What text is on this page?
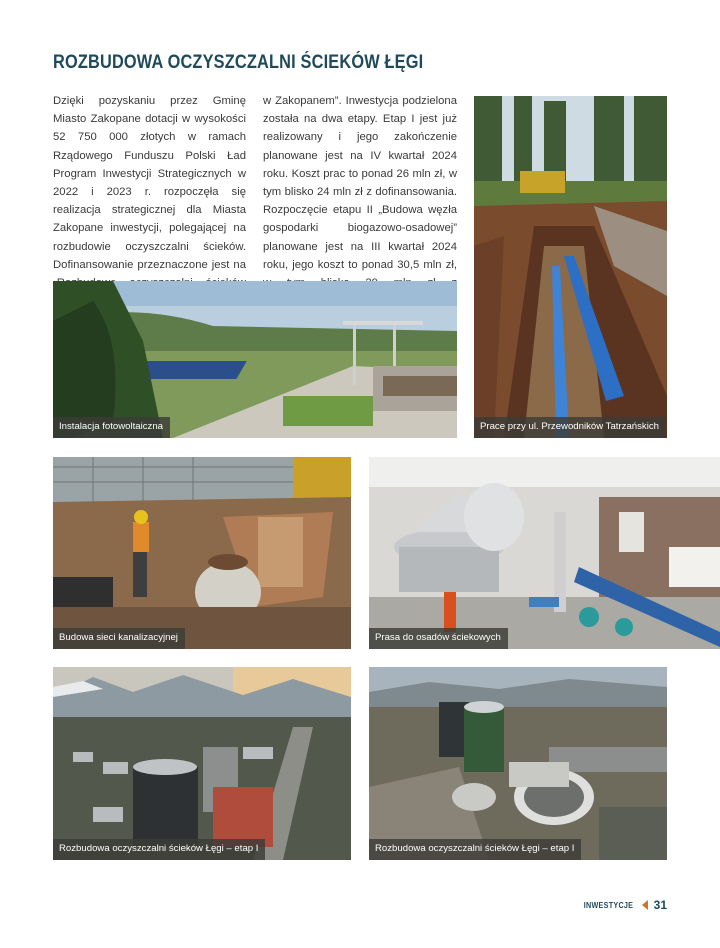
ROZBUDOWA OCZYSZCZALNI ŚCIEKÓW ŁĘGI
Dzięki pozyskaniu przez Gminę Miasto Zakopane dotacji w wysokości 52 750 000 złotych w ramach Rządowego Funduszu Polski Ład Program Inwestycji Strategicznych w 2022 i 2023 r. rozpoczęła się realizacja strategicznej dla Miasta Zakopane inwestycji, polegającej na rozbudowie oczyszczalni ścieków. Dofinansowanie przeznaczone jest na
w Zakopanem”. Inwestycja podzielona została na dwa etapy. Etap I jest już realizowany i jego zakończenie planowane jest na IV kwartał 2024 roku. Koszt prac to ponad 26 mln zł, w tym blisko 24 mln zł z dofinansowania. Rozpoczęcie etapu II „Budowa węzła gospodarki biogazowo-osadowej” planowane jest na III kwartał 2024 roku, jego koszt to ponad 30,5 mln zł,
Instalacja fotowoltaiczna	Prace przy ul. Przewodników Tatrzańskich
Budowa sieci kanalizacyjnej	Prasa do osadów ściekowych
Rozbudowa oczyszczalni ścieków Łęgi – etap I	Rozbudowa oczyszczalni ścieków Łęgi – etap I
INWESTYCJE 31
